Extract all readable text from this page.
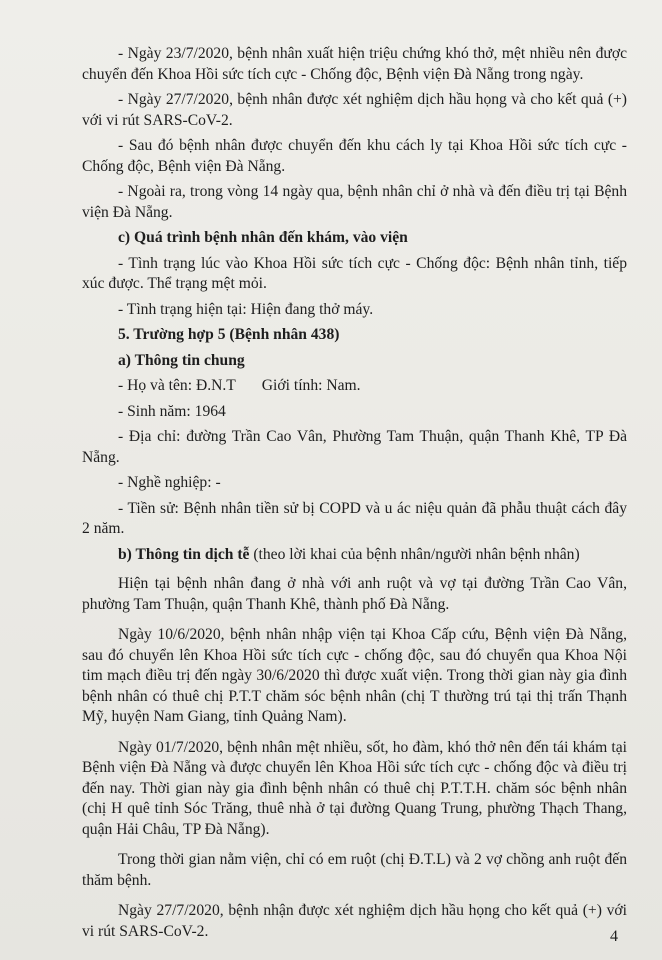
- Ngày 23/7/2020, bệnh nhân xuất hiện triệu chứng khó thở, mệt nhiều nên được chuyển đến Khoa Hồi sức tích cực - Chống độc, Bệnh viện Đà Nẵng trong ngày.

- Ngày 27/7/2020, bệnh nhân được xét nghiệm dịch hầu họng và cho kết quả (+) với vi rút SARS-CoV-2.

- Sau đó bệnh nhân được chuyển đến khu cách ly tại Khoa Hồi sức tích cực - Chống độc, Bệnh viện Đà Nẵng.

- Ngoài ra, trong vòng 14 ngày qua, bệnh nhân chỉ ở nhà và đến điều trị tại Bệnh viện Đà Nẵng.

c) Quá trình bệnh nhân đến khám, vào viện

- Tình trạng lúc vào Khoa Hồi sức tích cực - Chống độc: Bệnh nhân tỉnh, tiếp xúc được. Thể trạng mệt mỏi.

- Tình trạng hiện tại: Hiện đang thở máy.

5. Trường hợp 5 (Bệnh nhân 438)

a) Thông tin chung

- Họ và tên: Đ.N.T Giới tính: Nam.

- Sinh năm: 1964

- Địa chỉ: đường Trần Cao Vân, Phường Tam Thuận, quận Thanh Khê, TP Đà Nẵng.

- Nghề nghiệp: -

- Tiền sử: Bệnh nhân tiền sử bị COPD và u ác niệu quản đã phẫu thuật cách đây 2 năm.

b) Thông tin dịch tễ (theo lời khai của bệnh nhân/người nhân bệnh nhân)

Hiện tại bệnh nhân đang ở nhà với anh ruột và vợ tại đường Trần Cao Vân, phường Tam Thuận, quận Thanh Khê, thành phố Đà Nẵng.

Ngày 10/6/2020, bệnh nhân nhập viện tại Khoa Cấp cứu, Bệnh viện Đà Nẵng, sau đó chuyển lên Khoa Hồi sức tích cực - chống độc, sau đó chuyển qua Khoa Nội tim mạch điều trị đến ngày 30/6/2020 thì được xuất viện. Trong thời gian này gia đình bệnh nhân có thuê chị P.T.T chăm sóc bệnh nhân (chị T thường trú tại thị trấn Thạnh Mỹ, huyện Nam Giang, tỉnh Quảng Nam).

Ngày 01/7/2020, bệnh nhân mệt nhiều, sốt, ho đàm, khó thở nên đến tái khám tại Bệnh viện Đà Nẵng và được chuyển lên Khoa Hồi sức tích cực - chống độc và điều trị đến nay. Thời gian này gia đình bệnh nhân có thuê chị P.T.T.H. chăm sóc bệnh nhân (chị H quê tỉnh Sóc Trăng, thuê nhà ở tại đường Quang Trung, phường Thạch Thang, quận Hải Châu, TP Đà Nẵng).

Trong thời gian nằm viện, chỉ có em ruột (chị Đ.T.L) và 2 vợ chồng anh ruột đến thăm bệnh.

Ngày 27/7/2020, bệnh nhận được xét nghiệm dịch hầu họng cho kết quả (+) với vi rút SARS-CoV-2.	4
